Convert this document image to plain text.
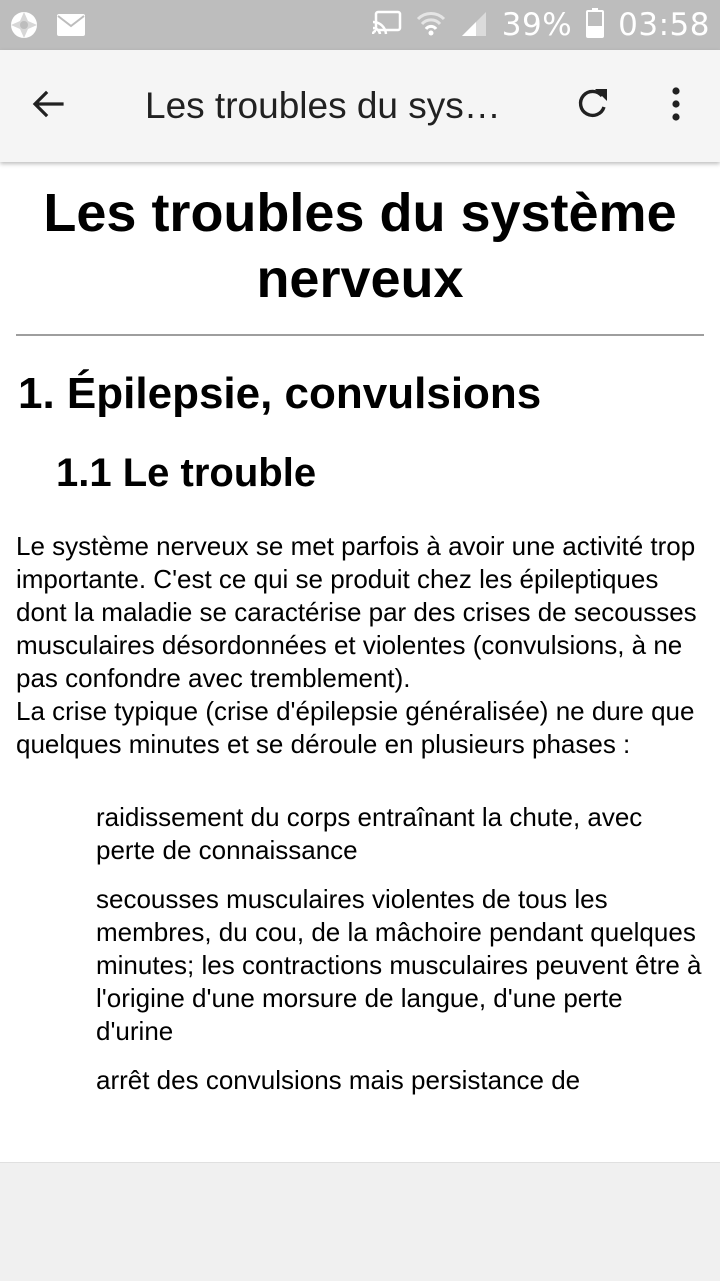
39% 03:58
Les troubles du sys…
Les troubles du système nerveux
1. Épilepsie, convulsions
1.1 Le trouble

Le système nerveux se met parfois à avoir une activité trop importante. C'est ce qui se produit chez les épileptiques dont la maladie se caractérise par des crises de secousses musculaires désordonnées et violentes (convulsions, à ne pas confondre avec tremblement).

La crise typique (crise d'épilepsie généralisée) ne dure que quelques minutes et se déroule en plusieurs phases :

raidissement du corps entraînant la chute, avec perte de connaissance
secousses musculaires violentes de tous les membres, du cou, de la mâchoire pendant quelques minutes; les contractions musculaires peuvent être à l'origine d'une morsure de langue, d'une perte d'urine
arrêt des convulsions mais persistance de
